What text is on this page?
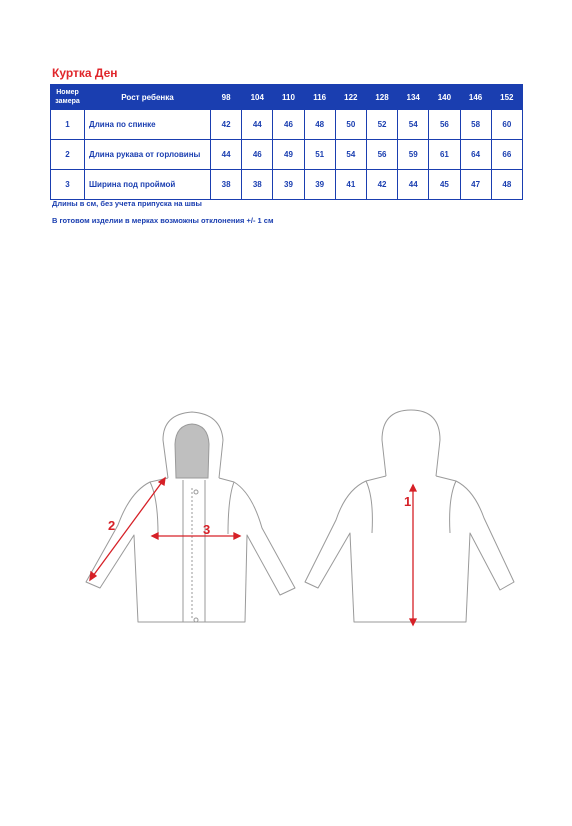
Куртка Ден
Номер замера	Рост ребенка	98	104	110	116	122	128	134	140	146	152
1	Длина по спинке	42	44	46	48	50	52	54	56	58	60
2	Длина рукава от горловины	44	46	49	51	54	56	59	61	64	66
3	Ширина под проймой	38	38	39	39	41	42	44	45	47	48
Длины в см, без учета припуска на швы
В готовом изделии в мерках возможны отклонения +/- 1 см
2	3
1
